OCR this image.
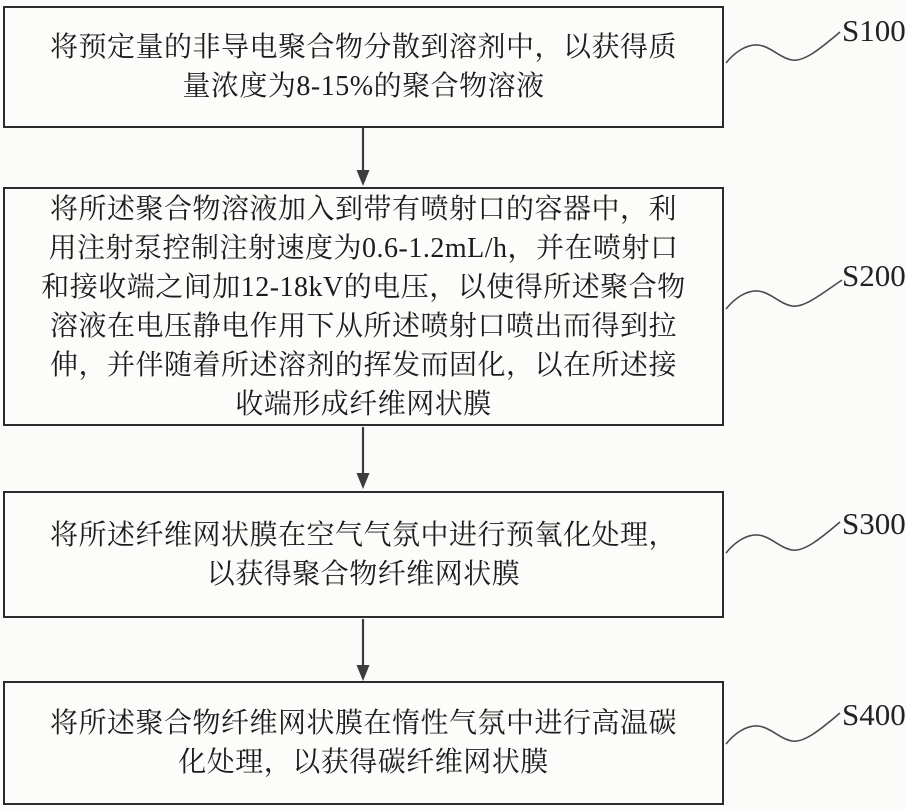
将预定量的非导电聚合物分散到溶剂中，以获得质
量浓度为8-15%的聚合物溶液
将所述聚合物溶液加入到带有喷射口的容器中，利
用注射泵控制注射速度为0.6-1.2mL/h，并在喷射口
和接收端之间加12-18kV的电压，以使得所述聚合物
溶液在电压静电作用下从所述喷射口喷出而得到拉
伸，并伴随着所述溶剂的挥发而固化，以在所述接
收端形成纤维网状膜
将所述纤维网状膜在空气气氛中进行预氧化处理，
以获得聚合物纤维网状膜
将所述聚合物纤维网状膜在惰性气氛中进行高温碳
化处理，以获得碳纤维网状膜
S100
S200
S300
S400
